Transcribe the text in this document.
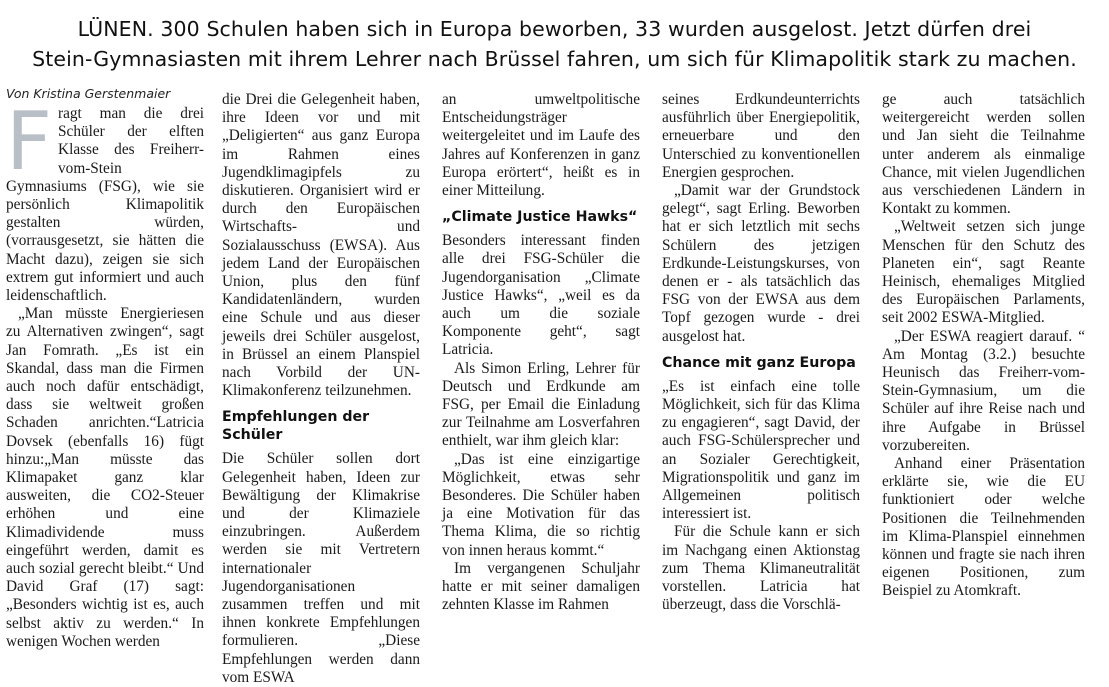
LÜNEN. 300 Schulen haben sich in Europa beworben, 33 wurden ausgelost. Jetzt dürfen drei
Stein-Gymnasiasten mit ihrem Lehrer nach Brüssel fahren, um sich für Klimapolitik stark zu machen.
Von Kristina Gerstenmaier
F ragt man die drei Schüler der elften Klasse des Freiherr-vom-Stein Gymnasiums (FSG), wie sie persönlich Klimapolitik gestalten würden, (vorrausgesetzt, sie hätten die Macht dazu), zeigen sie sich extrem gut informiert und auch leidenschaftlich.

„Man müsste Energieriesen zu Alternativen zwingen“, sagt Jan Fomrath. „Es ist ein Skandal, dass man die Firmen auch noch dafür entschädigt, dass sie weltweit großen Schaden anrichten.“Latricia Dovsek (ebenfalls 16) fügt hinzu:„Man müsste das Klimapaket ganz klar ausweiten, die CO2-Steuer erhöhen und eine Klimadividende muss eingeführt werden, damit es auch sozial gerecht bleibt.“ Und David Graf (17) sagt: „Besonders wichtig ist es, auch selbst aktiv zu werden.“ In wenigen Wochen werden

die Drei die Gelegenheit haben, ihre Ideen vor und mit „Deligierten“ aus ganz Europa im Rahmen eines Jugendklimagipfels zu diskutieren. Organisiert wird er durch den Europäischen Wirtschafts- und Sozialausschuss (EWSA). Aus jedem Land der Europäischen Union, plus den fünf Kandidatenländern, wurden eine Schule und aus dieser jeweils drei Schüler ausgelost, in Brüssel an einem Planspiel nach Vorbild der UN-Klimakonferenz teilzunehmen.

Empfehlungen der Schüler

Die Schüler sollen dort Gelegenheit haben, Ideen zur Bewältigung der Klimakrise und der Klimaziele einzubringen. Außerdem werden sie mit Vertretern internationaler Jugendorganisationen zusammen treffen und mit ihnen konkrete Empfehlungen formulieren. „Diese Empfehlungen werden dann vom ESWA

an umweltpolitische Entscheidungsträger weitergeleitet und im Laufe des Jahres auf Konferenzen in ganz Europa erörtert“, heißt es in einer Mitteilung.

„Climate Justice Hawks“

Besonders interessant finden alle drei FSG-Schüler die Jugendorganisation „Climate Justice Hawks“, „weil es da auch um die soziale Komponente geht“, sagt Latricia.

Als Simon Erling, Lehrer für Deutsch und Erdkunde am FSG, per Email die Einladung zur Teilnahme am Losverfahren enthielt, war ihm gleich klar:

„Das ist eine einzigartige Möglichkeit, etwas sehr Besonderes. Die Schüler haben ja eine Motivation für das Thema Klima, die so richtig von innen heraus kommt.“

Im vergangenen Schuljahr hatte er mit seiner damaligen zehnten Klasse im Rahmen

seines Erdkundeunterrichts ausführlich über Energiepolitik, erneuerbare und den Unterschied zu konventionellen Energien gesprochen.

„Damit war der Grundstock gelegt“, sagt Erling. Beworben hat er sich letztlich mit sechs Schülern des jetzigen Erdkunde-Leistungskurses, von denen er - als tatsächlich das FSG von der EWSA aus dem Topf gezogen wurde - drei ausgelost hat.

Chance mit ganz Europa

„Es ist einfach eine tolle Möglichkeit, sich für das Klima zu engagieren“, sagt David, der auch FSG-Schülersprecher und an Sozialer Gerechtigkeit, Migrationspolitik und ganz im Allgemeinen politisch interessiert ist.

Für die Schule kann er sich im Nachgang einen Aktionstag zum Thema Klimaneutralität vorstellen. Latricia hat überzeugt, dass die Vorschlä-

ge auch tatsächlich weitergereicht werden sollen und Jan sieht die Teilnahme unter anderem als einmalige Chance, mit vielen Jugendlichen aus verschiedenen Ländern in Kontakt zu kommen.

„Weltweit setzen sich junge Menschen für den Schutz des Planeten ein“, sagt Reante Heinisch, ehemaliges Mitglied des Europäischen Parlaments, seit 2002 ESWA-Mitglied.

„Der ESWA reagiert darauf. “ Am Montag (3.2.) besuchte Heunisch das Freiherr-vom-Stein-Gymnasium, um die Schüler auf ihre Reise nach und ihre Aufgabe in Brüssel vorzubereiten.

Anhand einer Präsentation erklärte sie, wie die EU funktioniert oder welche Positionen die Teilnehmenden im Klima-Planspiel einnehmen können und fragte sie nach ihren eigenen Positionen, zum Beispiel zu Atomkraft.
